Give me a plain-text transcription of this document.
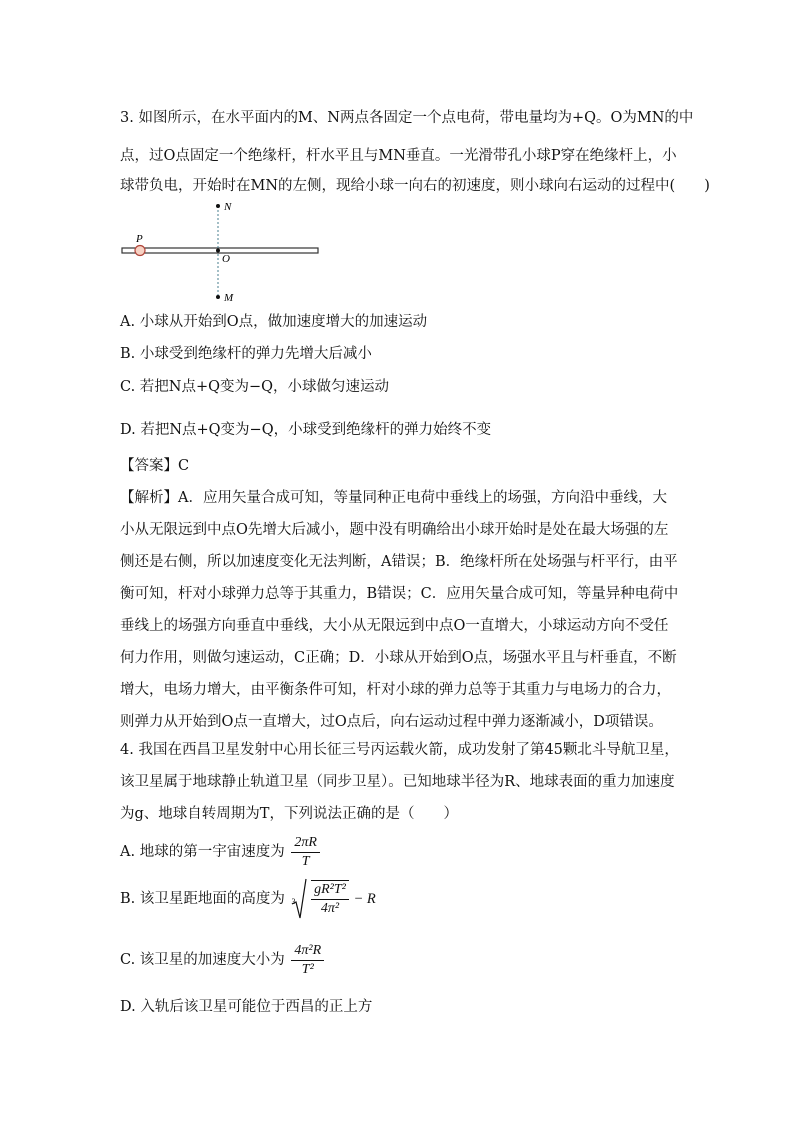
3. 如图所示，在水平面内的M、N两点各固定一个点电荷，带电量均为+Q。O为MN的中
点，过O点固定一个绝缘杆，杆水平且与MN垂直。一光滑带孔小球P穿在绝缘杆上，小
球带负电，开始时在MN的左侧，现给小球一向右的初速度，则小球向右运动的过程中(　　)
N
O
M
P
A. 小球从开始到O点，做加速度增大的加速运动
B. 小球受到绝缘杆的弹力先增大后减小
C. 若把N点+Q变为−Q，小球做匀速运动
D. 若把N点+Q变为−Q，小球受到绝缘杆的弹力始终不变
【答案】C
【解析】A．应用矢量合成可知，等量同种正电荷中垂线上的场强，方向沿中垂线，大小从无限远到中点O先增大后减小，题中没有明确给出小球开始时是处在最大场强的左侧还是右侧，所以加速度变化无法判断，A错误；B．绝缘杆所在处场强与杆平行，由平衡可知，杆对小球弹力总等于其重力，B错误；C．应用矢量合成可知，等量异种电荷中垂线上的场强方向垂直中垂线，大小从无限远到中点O一直增大，小球运动方向不受任何力作用，则做匀速运动，C正确；D．小球从开始到O点，场强水平且与杆垂直，不断增大，电场力增大，由平衡条件可知，杆对小球的弹力总等于其重力与电场力的合力，则弹力从开始到O点一直增大，过O点后，向右运动过程中弹力逐渐减小，D项错误。
4. 我国在西昌卫星发射中心用长征三号丙运载火箭，成功发射了第45颗北斗导航卫星，该卫星属于地球静止轨道卫星（同步卫星）。已知地球半径为R、地球表面的重力加速度为g、地球自转周期为T，下列说法正确的是（　　）
A. 地球的第一宇宙速度为 $\frac{2\pi R}{T}$
B. 该卫星距地面的高度为 3
$\frac{\text{gR²T²}}{\text{4π²}} - R$
C. 该卫星的加速度大小为 $\frac{\text{4π²R}}{\text{T²}}$
D. 入轨后该卫星可能位于西昌的正上方
